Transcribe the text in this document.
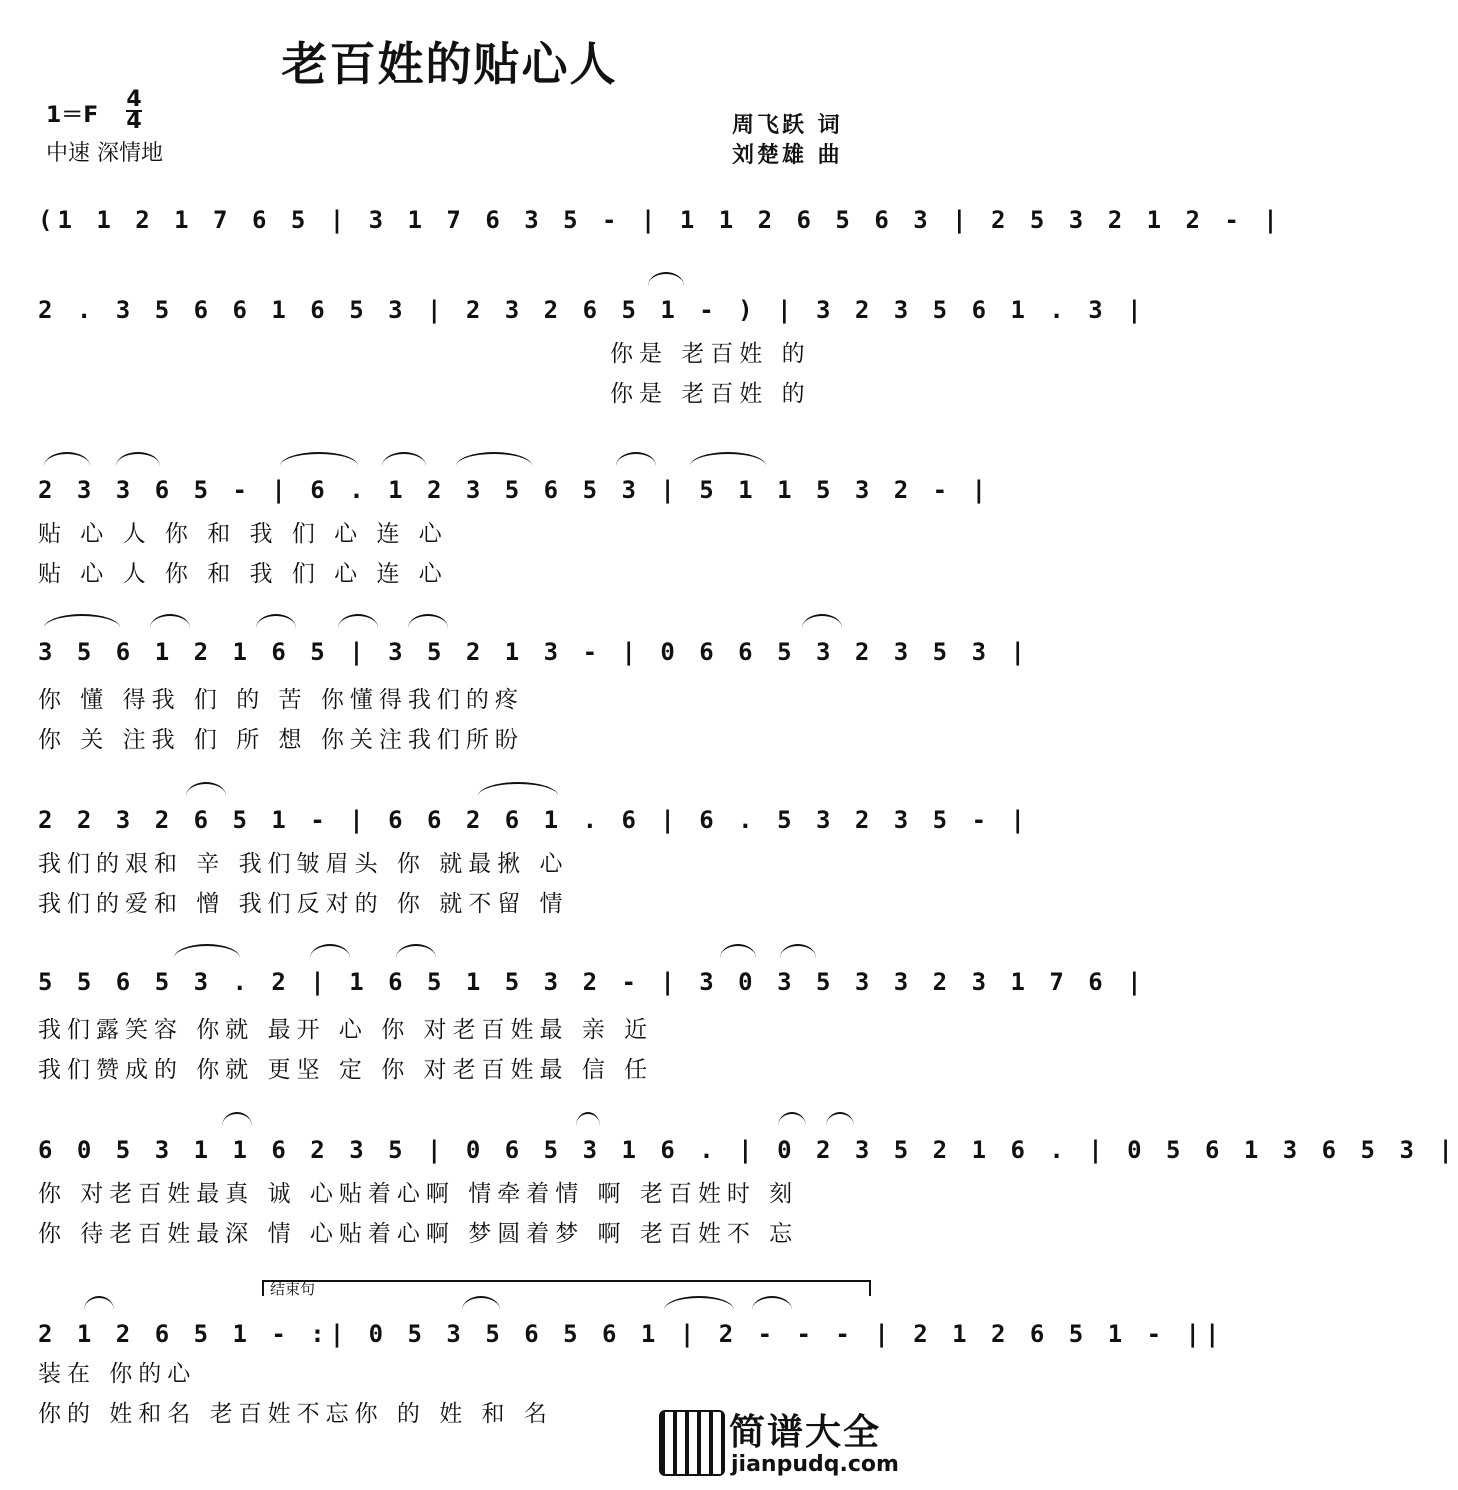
老百姓的贴心人
1＝F
4
4
中速 深情地
周飞跃 词
刘楚雄 曲
(1 1 2 1 7 6 5 | 3 1 7 6 3 5 - | 1 1 2 6 5 6 3 | 2 5 3 2 1 2 - |
2 . 3 5 6 6 1 6 5 3 | 2 3 2 6 5 1 - ) | 3 2 3 5 6 1 . 3 |
你是 老百姓 的
你是 老百姓 的
2 3 3 6 5 - | 6 . 1 2 3 5 6 5 3 | 5 1 1 5 3 2 - |
贴 心 人 你 和 我 们 心 连 心
贴 心 人 你 和 我 们 心 连 心
3 5 6 1 2 1 6 5 | 3 5 2 1 3 - | 0 6 6 5 3 2 3 5 3 |
你 懂 得我 们 的 苦 你懂得我们的疼
你 关 注我 们 所 想 你关注我们所盼
2 2 3 2 6 5 1 - | 6 6 2 6 1 . 6 | 6 . 5 3 2 3 5 - |
我们的艰和 辛 我们皱眉头 你 就最揪 心
我们的爱和 憎 我们反对的 你 就不留 情
5 5 6 5 3 . 2 | 1 6 5 1 5 3 2 - | 3 0 3 5 3 3 2 3 1 7 6 |
我们露笑容 你就 最开 心 你 对老百姓最 亲 近
我们赞成的 你就 更坚 定 你 对老百姓最 信 任
6 0 5 3 1 1 6 2 3 5 | 0 6 5 3 1 6 . | 0 2 3 5 2 1 6 . | 0 5 6 1 3 6 5 3 |
你 对老百姓最真 诚 心贴着心啊 情牵着情 啊 老百姓时 刻
你 待老百姓最深 情 心贴着心啊 梦圆着梦 啊 老百姓不 忘
结束句
2 1 2 6 5 1 - :| 0 5 3 5 6 5 6 1 | 2 - - - | 2 1 2 6 5 1 - ||
装在 你的心
你的 姓和名 老百姓不忘你 的 姓 和 名	简谱大全
jianpudq.com
